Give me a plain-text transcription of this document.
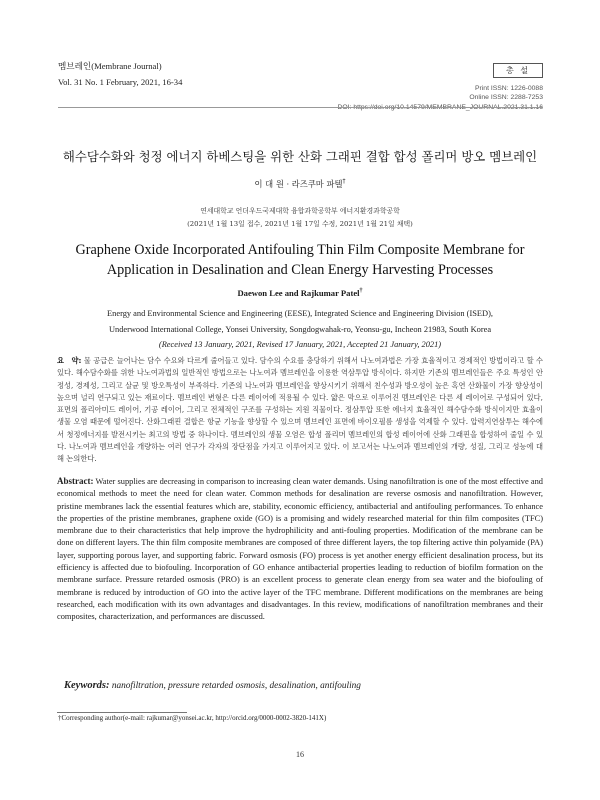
멤브레인(Membrane Journal)
Vol. 31 No. 1 February, 2021, 16-34
총 설
Print ISSN: 1226-0088
Online ISSN: 2288-7253
DOI: https://doi.org/10.14579/MEMBRANE_JOURNAL.2021.31.1.16
해수담수화와 청정 에너지 하베스팅을 위한 산화 그래핀 결합 합성 폴리머 방오 멤브레인
이 대 원 · 라즈쿠마 파텔†
연세대학교 언더우드국제대학 융합과학공학부 에너지환경과학공학
(2021년 1월 13일 접수, 2021년 1월 17일 수정, 2021년 1월 21일 채택)
Graphene Oxide Incorporated Antifouling Thin Film Composite Membrane for Application in Desalination and Clean Energy Harvesting Processes
Daewon Lee and Rajkumar Patel†
Energy and Environmental Science and Engineering (EESE), Integrated Science and Engineering Division (ISED),
Underwood International College, Yonsei University, Songdogwahak-ro, Yeonsu-gu, Incheon 21983, South Korea
(Received 13 January, 2021, Revised 17 January, 2021, Accepted 21 January, 2021)
요　약: 물 공급은 늘어나는 담수 수요와 다르게 줄어들고 있다. 담수의 수요를 충당하기 위해서 나노여과법은 가장 효율적이고 경제적인 방법이라고 할 수 있다. 해수담수화를 위한 나노여과법의 일반적인 방법으로는 나노여과 멤브레인을 이용한 역삼투압 방식이다. 하지만 기존의 멤브레인들은 주요 특성인 안정성, 경제성, 그리고 살균 및 방오특성이 부족하다. 기존의 나노여과 멤브레인을 향상시키기 위해서 친수성과 방오성이 높은 혹연 산화물이 가장 향상성이 높으며 널리 연구되고 있는 재료이다. 멤브레인 변형은 다른 레이어에 적용될 수 있다. 얇은 막으로 이루어진 멤브레인은 다른 세 레이어로 구성되어 있다, 표면의 폴리아미드 레이어, 기공 레이어, 그리고 전체적인 구조를 구성하는 지원 직물이다. 정삼투압 또한 에너지 효율적인 해수담수화 방식이지만 효율이 생물 오염 때문에 떨어진다. 산화그래핀 결합은 항균 기능을 향상할 수 있으며 멤브레인 표면에 바이오필름 생성을 억제할 수 있다. 압력지연삼투는 해수에서 청정에너지를 발전시키는 최고의 방법 중 하나이다. 멤브레인의 생물 오염은 합성 폴리머 멤브레인의 합성 레이어에 산화 그래핀을 합성하여 줄일 수 있다. 나노여과 멤브레인을 개량하는 여러 연구가 각자의 장단점을 가지고 이루어지고 있다. 이 보고서는 나노여과 멤브레인의 개량, 성질, 그리고 성능에 대해 논의한다.
Abstract: Water supplies are decreasing in comparison to increasing clean water demands. Using nanofiltration is one of the most effective and economical methods to meet the need for clean water. Common methods for desalination are reverse osmosis and nanofiltration. However, pristine membranes lack the essential features which are, stability, economic efficiency, antibacterial and antifouling performances. To enhance the properties of the pristine membranes, graphene oxide (GO) is a promising and widely researched material for thin film composites (TFC) membrane due to their characteristics that help improve the hydrophilicity and anti-fouling properties. Modification of the membrane can be done on different layers. The thin film composite membranes are composed of three different layers, the top filtering active thin polyamide (PA) layer, supporting porous layer, and supporting fabric. Forward osmosis (FO) process is yet another energy efficient desalination process, but its efficiency is affected due to biofouling. Incorporation of GO enhance antibacterial properties leading to reduction of biofilm formation on the membrane surface. Pressure retarded osmosis (PRO) is an excellent process to generate clean energy from sea water and the biofouling of membrane is reduced by introduction of GO into the active layer of the TFC membrane. Different modifications on the membranes are being researched, each modification with its own advantages and disadvantages. In this review, modifications of nanofiltration membranes and their composites, characterization, and performances are discussed.
Keywords: nanofiltration, pressure retarded osmosis, desalination, antifouling
†Corresponding author(e-mail: rajkumar@yonsei.ac.kr, http://orcid.org/0000-0002-3820-141X)
16
